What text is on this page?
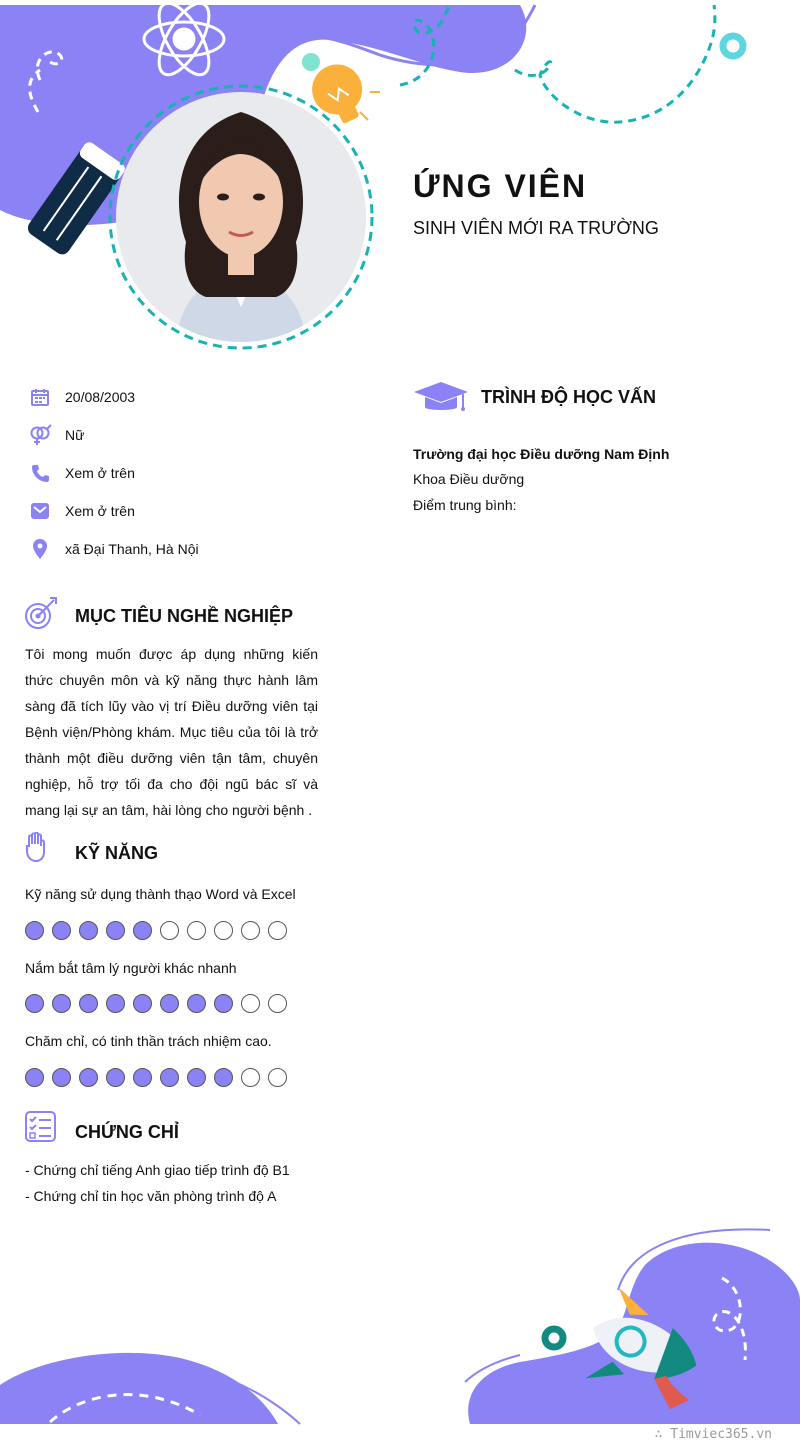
ỨNG VIÊN
SINH VIÊN MỚI RA TRƯỜNG
20/08/2003
Nữ
Xem ở trên
Xem ở trên
xã Đại Thanh, Hà Nội
MỤC TIÊU NGHỀ NGHIỆP
Tôi mong muốn được áp dụng những kiến thức chuyên môn và kỹ năng thực hành lâm sàng đã tích lũy vào vị trí Điều dưỡng viên tại Bệnh viện/Phòng khám. Mục tiêu của tôi là trở thành một điều dưỡng viên tận tâm, chuyên nghiệp, hỗ trợ tối đa cho đội ngũ bác sĩ và mang lại sự an tâm, hài lòng cho người bệnh .
KỸ NĂNG
Kỹ năng sử dụng thành thạo Word và Excel
Nắm bắt tâm lý người khác nhanh
Chăm chỉ, có tinh thần trách nhiệm cao.
CHỨNG CHỈ
- Chứng chỉ tiếng Anh giao tiếp trình độ B1
- Chứng chỉ tin học văn phòng trình độ A
TRÌNH ĐỘ HỌC VẤN
Trường đại học Điều dưỡng Nam Định
Khoa Điều dưỡng
Điểm trung bình:
∴ Timviec365.vn
